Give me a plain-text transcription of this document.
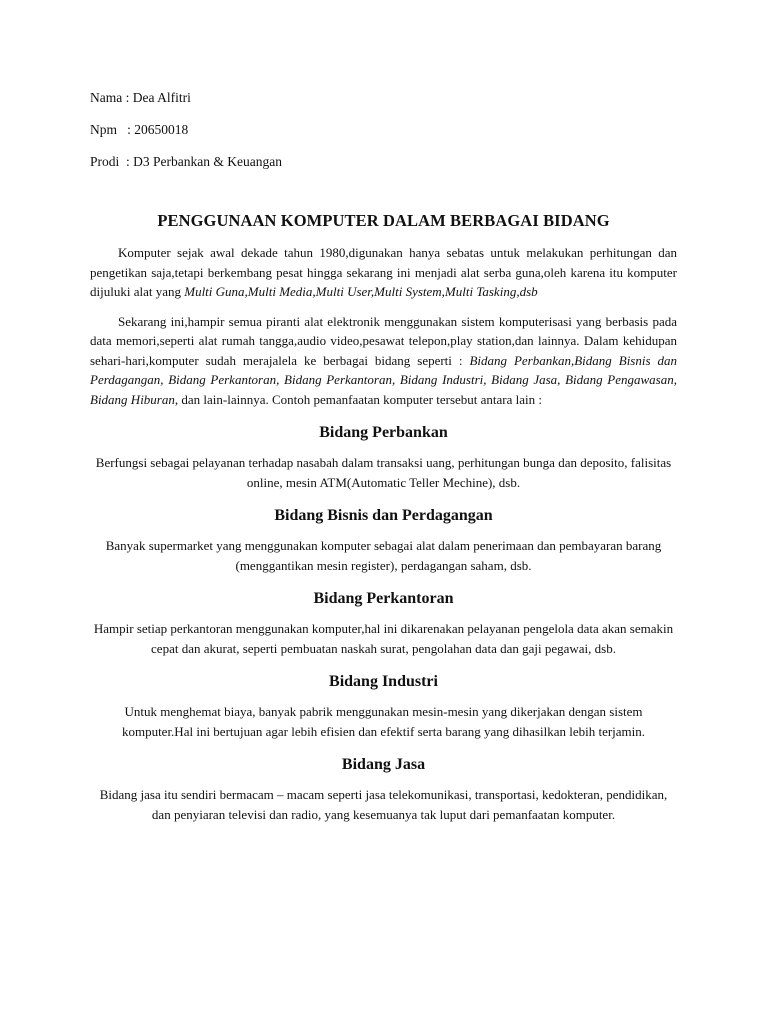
Nama : Dea Alfitri
Npm   : 20650018
Prodi  : D3 Perbankan & Keuangan
PENGGUNAAN KOMPUTER DALAM BERBAGAI BIDANG

Komputer sejak awal dekade tahun 1980,digunakan hanya sebatas untuk melakukan perhitungan dan pengetikan saja,tetapi berkembang pesat hingga sekarang ini menjadi alat serba guna,oleh karena itu komputer dijuluki alat yang Multi Guna,Multi Media,Multi User,Multi System,Multi Tasking,dsb

Sekarang ini,hampir semua piranti alat elektronik menggunakan sistem komputerisasi yang berbasis pada data memori,seperti alat rumah tangga,audio video,pesawat telepon,play station,dan lainnya. Dalam kehidupan sehari-hari,komputer sudah merajalela ke berbagai bidang seperti : Bidang Perbankan,Bidang Bisnis dan Perdagangan, Bidang Perkantoran, Bidang Perkantoran, Bidang Industri, Bidang Jasa, Bidang Pengawasan, Bidang Hiburan, dan lain-lainnya. Contoh pemanfaatan komputer tersebut antara lain :

Bidang Perbankan

Berfungsi sebagai pelayanan terhadap nasabah dalam transaksi uang, perhitungan bunga dan deposito, falisitas online, mesin ATM(Automatic Teller Mechine), dsb.

Bidang Bisnis dan Perdagangan

Banyak supermarket yang menggunakan komputer sebagai alat dalam penerimaan dan pembayaran barang (menggantikan mesin register), perdagangan saham, dsb.

Bidang Perkantoran

Hampir setiap perkantoran menggunakan komputer,hal ini dikarenakan pelayanan pengelola data akan semakin cepat dan akurat, seperti pembuatan naskah surat, pengolahan data dan gaji pegawai, dsb.

Bidang Industri

Untuk menghemat biaya, banyak pabrik menggunakan mesin-mesin yang dikerjakan dengan sistem komputer.Hal ini bertujuan agar lebih efisien dan efektif serta barang yang dihasilkan lebih terjamin.

Bidang Jasa

Bidang jasa itu sendiri bermacam – macam seperti jasa telekomunikasi, transportasi, kedokteran, pendidikan, dan penyiaran televisi dan radio, yang kesemuanya tak luput dari pemanfaatan komputer.
